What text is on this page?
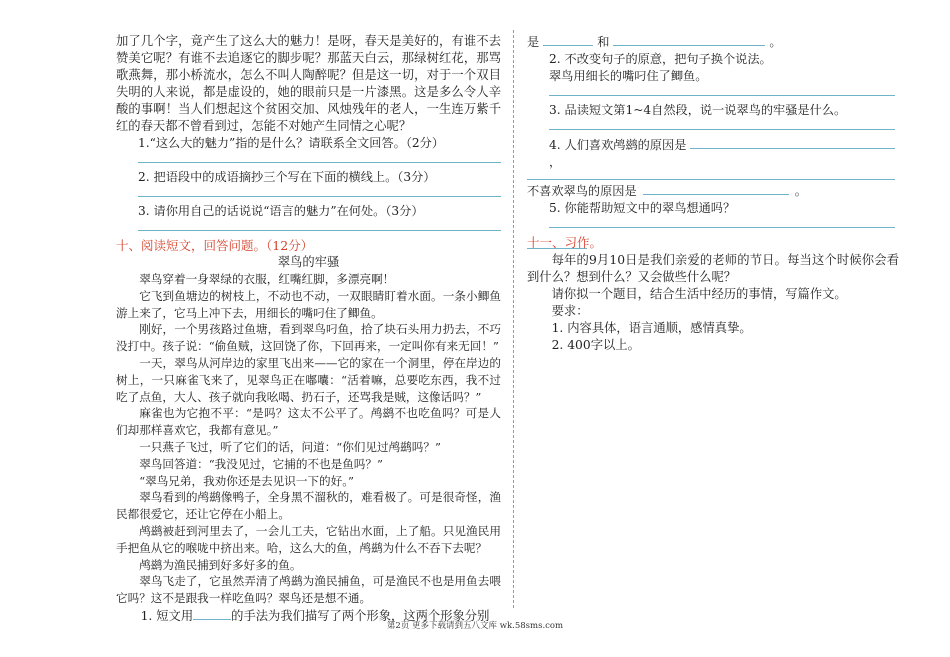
加了几个字，竟产生了这么大的魅力！是呀，春天是美好的，有谁不去赞美它呢？有谁不去追逐它的脚步呢？那蓝天白云，那绿树红花，那骂歌燕舞，那小桥流水，怎么不叫人陶醉呢？但是这一切，对于一个双目失明的人来说，都是虚设的，她的眼前只是一片漆黑。这是多么令人辛酸的事啊！当人们想起这个贫困交加、风烛残年的老人，一生连万紫千红的春天都不曾看到过，怎能不对她产生同情之心呢？

1.“这么大的魅力”指的是什么？请联系全文回答。（2分）

2. 把语段中的成语摘抄三个写在下面的横线上。（3分）

3. 请你用自己的话说说“语言的魅力”在何处。（3分）

十、阅读短文，回答问题。（12分）

翠鸟的牢骚

翠鸟穿着一身翠绿的衣服，红嘴红脚，多漂亮啊！

它飞到鱼塘边的树枝上，不动也不动，一双眼睛盯着水面。一条小鲫鱼游上来了，它马上冲下去，用细长的嘴叼住了鲫鱼。

刚好，一个男孩路过鱼塘，看到翠鸟叼鱼，拾了块石头用力扔去，不巧没打中。孩子说：“偷鱼贼，这回饶了你，下回再来，一定叫你有来无回！”

一天，翠鸟从河岸边的家里飞出来——它的家在一个洞里，停在岸边的树上，一只麻雀飞来了，见翠鸟正在嘟囔：“活着嘛，总要吃东西，我不过吃了点鱼，大人、孩子就向我吆喝、扔石子，还骂我是贼，这像话吗？”

麻雀也为它抱不平：“是吗？这太不公平了。鸬鹚不也吃鱼吗？可是人们却那样喜欢它，我都有意见。”

一只燕子飞过，听了它们的话，问道：“你们见过鸬鹚吗？”

翠鸟回答道：“我没见过，它捕的不也是鱼吗？”

“翠鸟兄弟，我劝你还是去见识一下的好。”

翠鸟看到的鸬鹚像鸭子，全身黑不溜秋的，难看极了。可是很奇怪，渔民都很爱它，还让它停在小船上。

鸬鹚被赶到河里去了，一会儿工夫，它钻出水面，上了船。只见渔民用手把鱼从它的喉咙中挤出来。哈，这么大的鱼，鸬鹚为什么不吞下去呢？

鸬鹚为渔民捕到好多好多的鱼。

翠鸟飞走了，它虽然弄清了鸬鹚为渔民捕鱼，可是渔民不也是用鱼去喂它吗？这不是跟我一样吃鱼吗？翠鸟还是想不通。

1. 短文用	的手法为我们描写了两个形象，这两个形象分别

是	和	。

2. 不改变句子的原意，把句子换个说法。

翠鸟用细长的嘴叼住了鲫鱼。

3. 品读短文第1~4自然段，说一说翠鸟的牢骚是什么。

4. 人们喜欢鸬鹚的原因是，

不喜欢翠鸟的原因是	。

5. 你能帮助短文中的翠鸟想通吗？

十一、习作。

每年的9月10日是我们亲爱的老师的节日。每当这个时候你会看到什么？想到什么？又会做些什么呢？

请你拟一个题目，结合生活中经历的事情，写篇作文。

要求：

1. 内容具体，语言通顺，感情真挚。

2. 400字以上。

第2页 更多下载请到五八文库 wk.58sms.com
